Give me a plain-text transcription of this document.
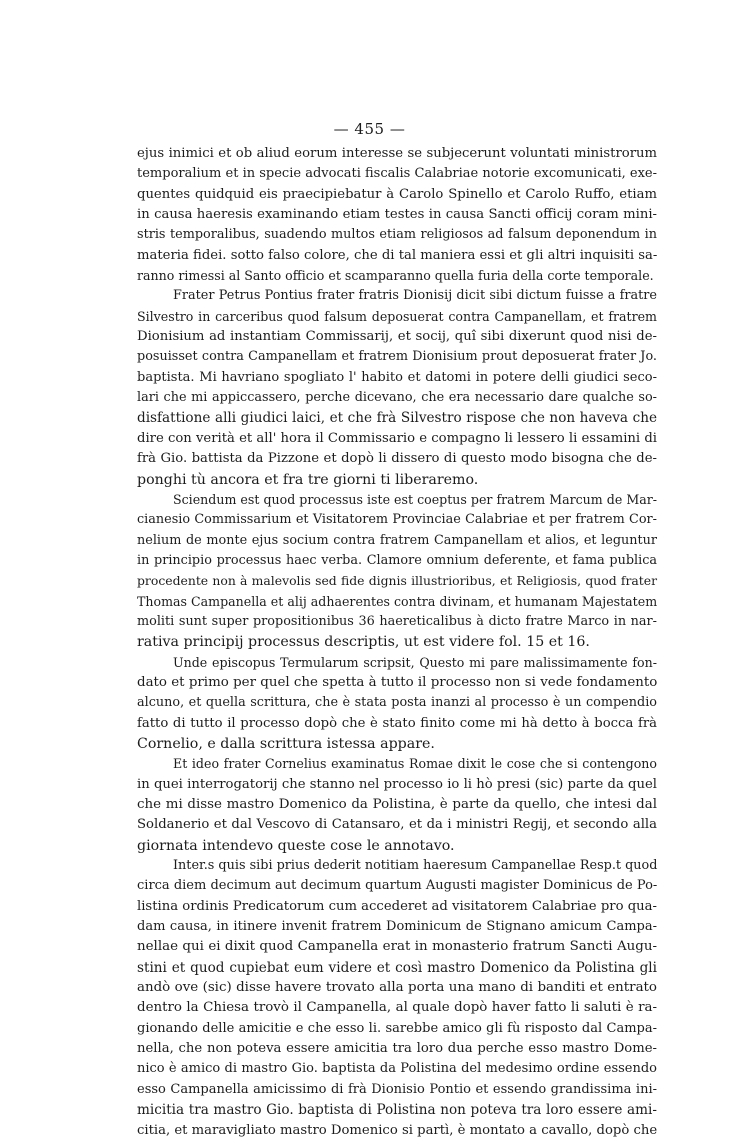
— 455 —
ejus inimici et ob aliud eorum interesse se subjecerunt voluntati ministrorum
temporalium et in specie advocati fiscalis Calabriae notorie excomunicati, exe-
quentes quidquid eis praecipiebatur à Carolo Spinello et Carolo Ruffo, etiam
in causa haeresis examinando etiam testes in causa Sancti officij coram mini-
stris temporalibus, suadendo multos etiam religiosos ad falsum deponendum in
materia fidei. sotto falso colore, che di tal maniera essi et gli altri inquisiti sa-
ranno rimessi al Santo officio et scamparanno quella furia della corte temporale.
Frater Petrus Pontius frater fratris Dionisij dicit sibi dictum fuisse a fratre
Silvestro in carceribus quod falsum deposuerat contra Campanellam, et fratrem
Dionisium ad instantiam Commissarij, et socij, quî sibi dixerunt quod nisi de-
posuisset contra Campanellam et fratrem Dionisium prout deposuerat frater Jo.
baptista. Mi havriano spogliato l' habito et datomi in potere delli giudici seco-
lari che mi appiccassero, perche dicevano, che era necessario dare qualche so-
disfattione alli giudici laici, et che frà Silvestro rispose che non haveva che
dire con verità et all' hora il Commissario e compagno li lessero li essamini di
frà Gio. battista da Pizzone et dopò li dissero di questo modo bisogna che de-
ponghi tù ancora et fra tre giorni ti liberaremo.
Sciendum est quod processus iste est coeptus per fratrem Marcum de Mar-
cianesio Commissarium et Visitatorem Provinciae Calabriae et per fratrem Cor-
nelium de monte ejus socium contra fratrem Campanellam et alios, et leguntur
in principio processus haec verba. Clamore omnium deferente, et fama publica
procedente non à malevolis sed fide dignis illustrioribus, et Religiosis, quod frater
Thomas Campanella et alij adhaerentes contra divinam, et humanam Majestatem
moliti sunt super propositionibus 36 haereticalibus à dicto fratre Marco in nar-
rativa principij processus descriptis, ut est videre fol. 15 et 16.
Unde episcopus Termularum scripsit, Questo mi pare malissimamente fon-
dato et primo per quel che spetta à tutto il processo non si vede fondamento
alcuno, et quella scrittura, che è stata posta inanzi al processo è un compendio
fatto di tutto il processo dopò che è stato finito come mi hà detto à bocca frà
Cornelio, e dalla scrittura istessa appare.
Et ideo frater Cornelius examinatus Romae dixit le cose che si contengono
in quei interrogatorij che stanno nel processo io li hò presi (sic) parte da quel
che mi disse mastro Domenico da Polistina, è parte da quello, che intesi dal
Soldanerio et dal Vescovo di Catansaro, et da i ministri Regij, et secondo alla
giornata intendevo queste cose le annotavo.
Inter.s quis sibi prius dederit notitiam haeresum Campanellae Resp.t quod
circa diem decimum aut decimum quartum Augusti magister Dominicus de Po-
listina ordinis Predicatorum cum accederet ad visitatorem Calabriae pro qua-
dam causa, in itinere invenit fratrem Dominicum de Stignano amicum Campa-
nellae qui ei dixit quod Campanella erat in monasterio fratrum Sancti Augu-
stini et quod cupiebat eum videre et così mastro Domenico da Polistina gli
andò ove (sic) disse havere trovato alla porta una mano di banditi et entrato
dentro la Chiesa trovò il Campanella, al quale dopò haver fatto li saluti è ra-
gionando delle amicitie e che esso li. sarebbe amico gli fù risposto dal Campa-
nella, che non poteva essere amicitia tra loro dua perche esso mastro Dome-
nico è amico di mastro Gio. baptista da Polistina del medesimo ordine essendo
esso Campanella amicissimo di frà Dionisio Pontio et essendo grandissima ini-
micitia tra mastro Gio. baptista di Polistina non poteva tra loro essere ami-
citia, et maravigliato mastro Domenico si partì, è montato a cavallo, dopò che
